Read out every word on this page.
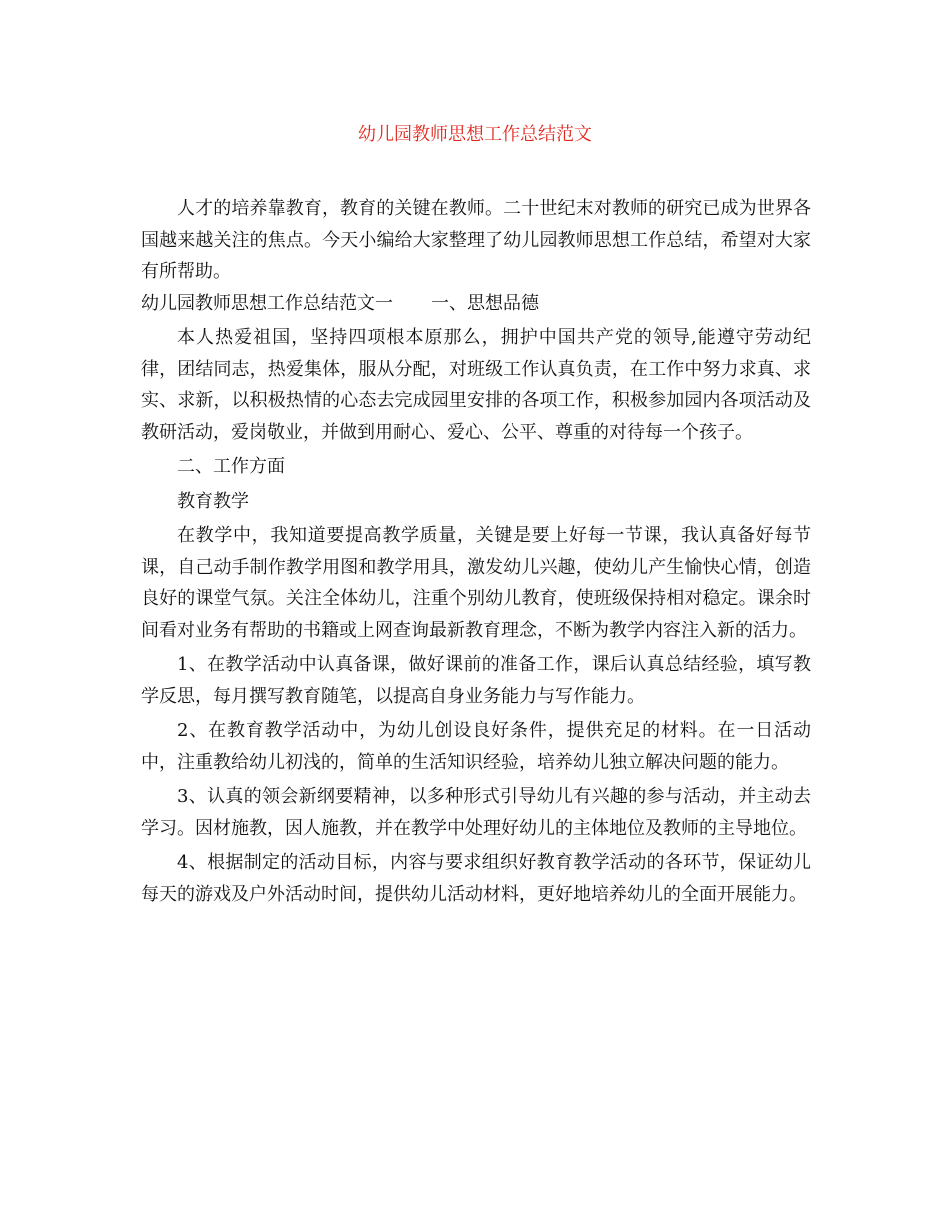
幼儿园教师思想工作总结范文

人才的培养靠教育，教育的关键在教师。二十世纪末对教师的研究已成为世界各国越来越关注的焦点。今天小编给大家整理了幼儿园教师思想工作总结，希望对大家有所帮助。

幼儿园教师思想工作总结范文一 一、思想品德

本人热爱祖国，坚持四项根本原那么，拥护中国共产党的领导,能遵守劳动纪律，团结同志，热爱集体，服从分配，对班级工作认真负责，在工作中努力求真、求实、求新，以积极热情的心态去完成园里安排的各项工作，积极参加园内各项活动及教研活动，爱岗敬业，并做到用耐心、爱心、公平、尊重的对待每一个孩子。

二、工作方面

教育教学

在教学中，我知道要提高教学质量，关键是要上好每一节课，我认真备好每节课，自己动手制作教学用图和教学用具，激发幼儿兴趣，使幼儿产生愉快心情，创造良好的课堂气氛。关注全体幼儿，注重个别幼儿教育，使班级保持相对稳定。课余时间看对业务有帮助的书籍或上网查询最新教育理念，不断为教学内容注入新的活力。

1、在教学活动中认真备课，做好课前的准备工作，课后认真总结经验，填写教学反思，每月撰写教育随笔，以提高自身业务能力与写作能力。

2、在教育教学活动中，为幼儿创设良好条件，提供充足的材料。在一日活动中，注重教给幼儿初浅的，简单的生活知识经验，培养幼儿独立解决问题的能力。

3、认真的领会新纲要精神，以多种形式引导幼儿有兴趣的参与活动，并主动去学习。因材施教，因人施教，并在教学中处理好幼儿的主体地位及教师的主导地位。

4、根据制定的活动目标，内容与要求组织好教育教学活动的各环节，保证幼儿每天的游戏及户外活动时间，提供幼儿活动材料，更好地培养幼儿的全面开展能力。
